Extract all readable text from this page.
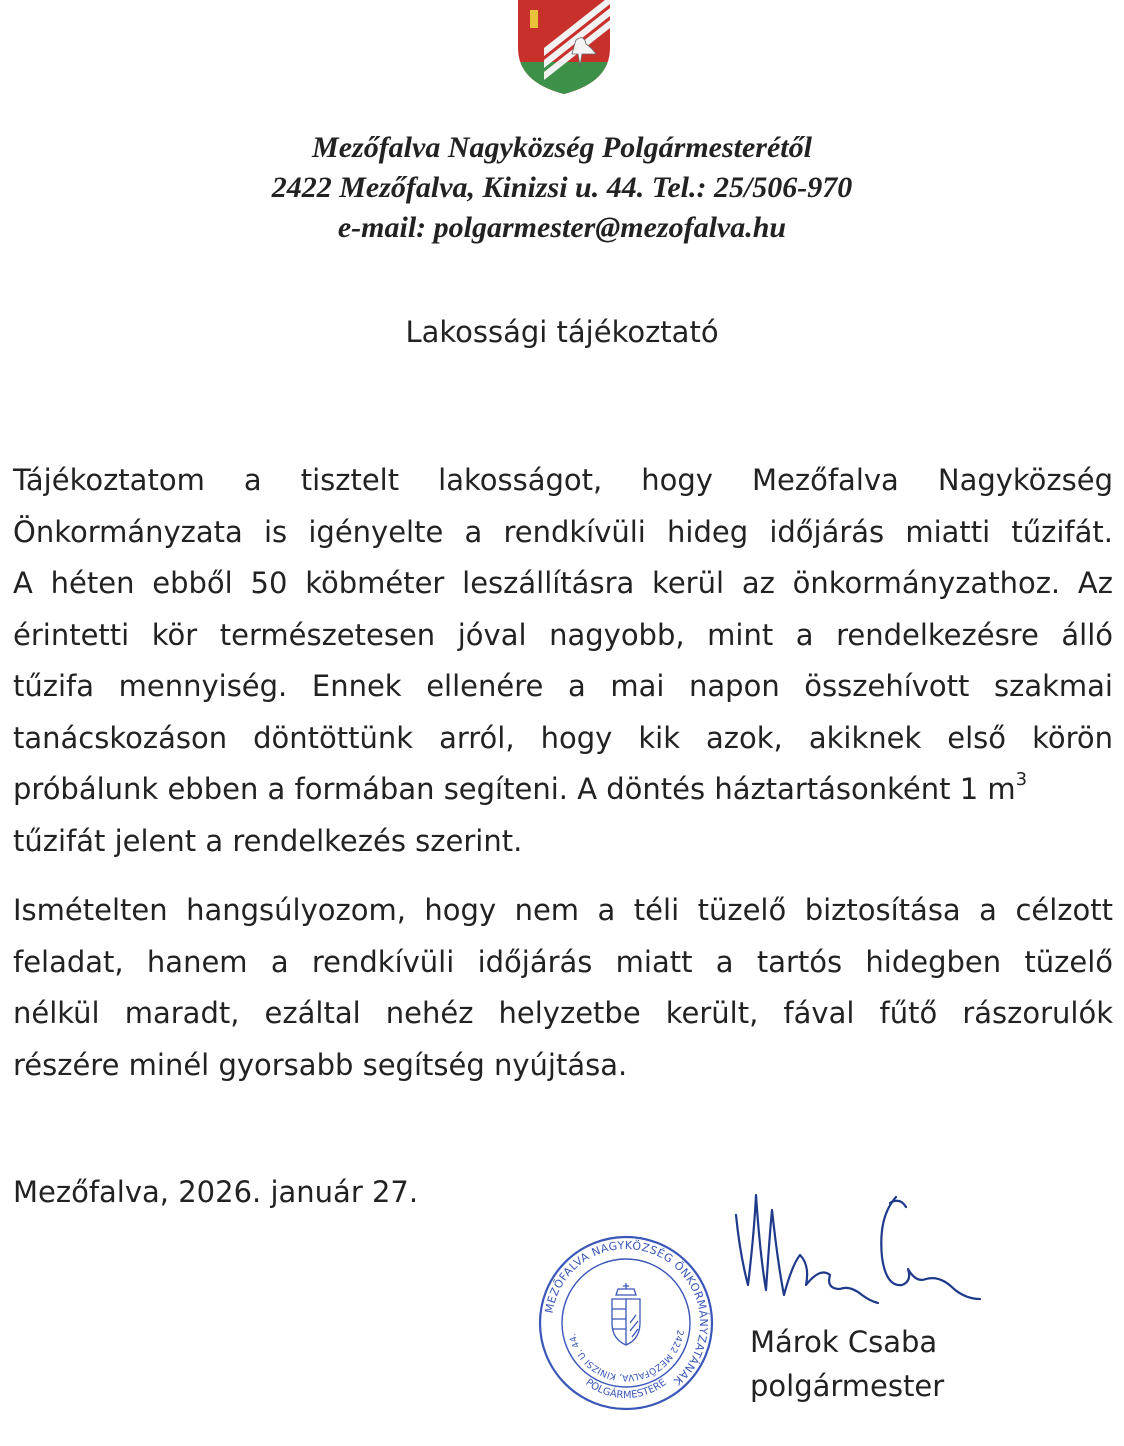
Mezőfalva Nagyközség Polgármesterétől
2422 Mezőfalva, Kinizsi u. 44. Tel.: 25/506-970
e-mail: polgarmester@mezofalva.hu
Lakossági tájékoztató
Tájékoztatom a tisztelt lakosságot, hogy Mezőfalva Nagyközség
Önkormányzata is igényelte a rendkívüli hideg időjárás miatti tűzifát.
A héten ebből 50 köbméter leszállításra kerül az önkormányzathoz. Az
érintetti kör természetesen jóval nagyobb, mint a rendelkezésre álló
tűzifa mennyiség. Ennek ellenére a mai napon összehívott szakmai
tanácskozáson döntöttünk arról, hogy kik azok, akiknek első körön
próbálunk ebben a formában segíteni. A döntés háztartásonként 1 $m^3$
tűzifát jelent a rendelkezés szerint.
Ismételten hangsúlyozom, hogy nem a téli tüzelő biztosítása a célzott
feladat, hanem a rendkívüli időjárás miatt a tartós hidegben tüzelő
nélkül maradt, ezáltal nehéz helyzetbe került, fával fűtő rászorulók
részére minél gyorsabb segítség nyújtása.
Mezőfalva, 2026. január 27.
MEZŐFALVA NAGYKÖZSÉG ÖNKORMÁNYZATÁNAK
2422 MEZŐFALVA, KINIZSI U. 44.
POLGÁRMESTERE
Márok Csaba
polgármester
